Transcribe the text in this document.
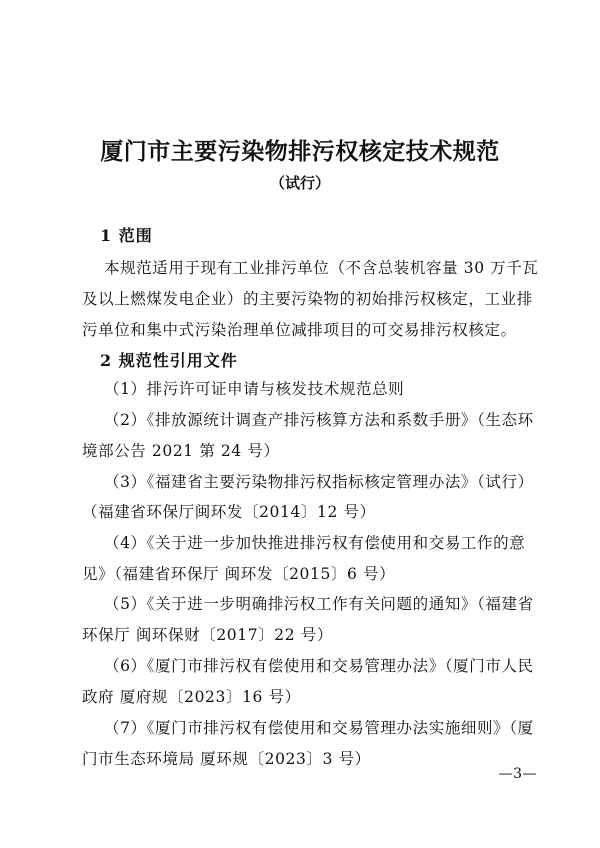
厦门市主要污染物排污权核定技术规范
（试行）
1 范围
本规范适用于现有工业排污单位（不含总装机容量 30 万千瓦
及以上燃煤发电企业）的主要污染物的初始排污权核定，工业排
污单位和集中式污染治理单位减排项目的可交易排污权核定。
2 规范性引用文件
（1）排污许可证申请与核发技术规范总则
（2）《排放源统计调查产排污核算方法和系数手册》（生态环
境部公告 2021 第 24 号）
（3）《福建省主要污染物排污权指标核定管理办法》（试行）
（福建省环保厅闽环发〔2014〕12 号）
（4）《关于进一步加快推进排污权有偿使用和交易工作的意
见》（福建省环保厅 闽环发〔2015〕6 号）
（5）《关于进一步明确排污权工作有关问题的通知》（福建省
环保厅 闽环保财〔2017〕22 号）
（6）《厦门市排污权有偿使用和交易管理办法》（厦门市人民
政府 厦府规〔2023〕16 号）
（7）《厦门市排污权有偿使用和交易管理办法实施细则》（厦
门市生态环境局 厦环规〔2023〕3 号）
—3—
